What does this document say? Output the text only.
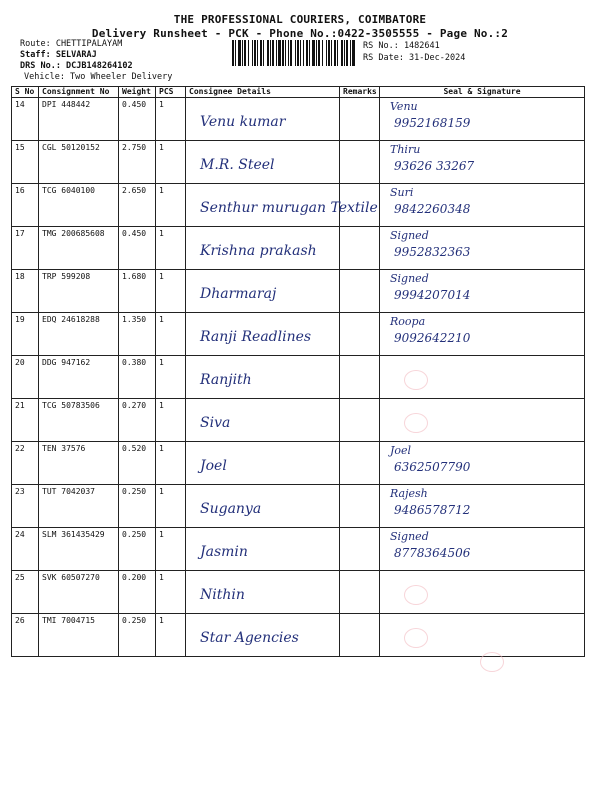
THE PROFESSIONAL COURIERS, COIMBATORE
Delivery Runsheet - PCK - Phone No.:0422-3505555 - Page No.:2
Route: CHETTIPALAYAM
Staff: SELVARAJ
DRS No.: DCJB148264102
Vehicle: Two Wheeler Delivery
RS No.: 1482641
RS Date: 31-Dec-2024
S No	Consignment No	Weight	PCS	Consignee Details	Remarks	Seal & Signature
14	DPI 448442	0.450	1	Venu kumar		Venu
9952168159

15	CGL 50120152	2.750	1	M.R. Steel		Thiru
93626 33267

16	TCG 6040100	2.650	1	Senthur murugan Textile		Suri
9842260348

17	TMG 200685608	0.450	1	Krishna prakash		Signed
9952832363

18	TRP 599208	1.680	1	Dharmaraj		Signed
9994207014

19	EDQ 24618288	1.350	1	Ranji Readlines		Roopa
9092642210

20	DDG 947162	0.380	1	Ranjith		

21	TCG 50783506	0.270	1	Siva		

22	TEN 37576	0.520	1	Joel		Joel
6362507790

23	TUT 7042037	0.250	1	Suganya		Rajesh
9486578712

24	SLM 361435429	0.250	1	Jasmin		Signed
8778364506

25	SVK 60507270	0.200	1	Nithin		

26	TMI 7004715	0.250	1	Star Agencies		
